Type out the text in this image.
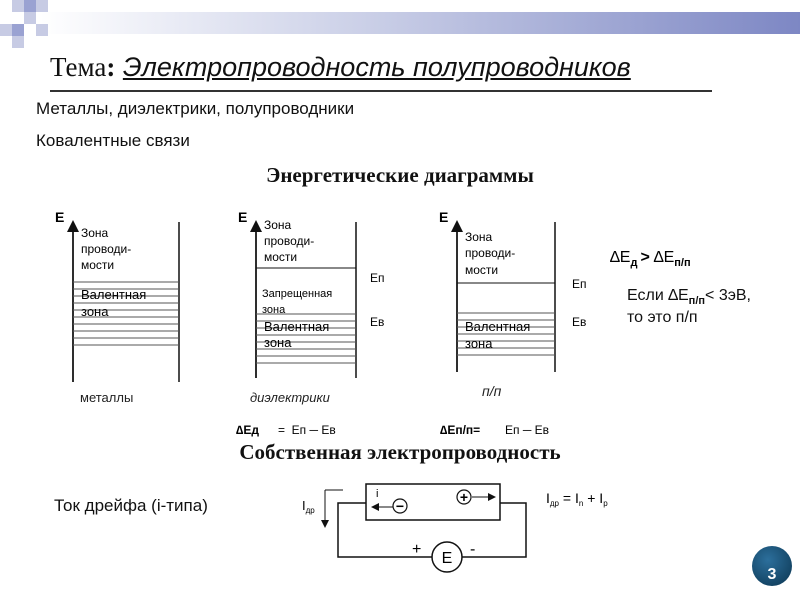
Тема: Электропроводность полупроводников
Металлы, диэлектрики, полупроводники
Ковалентные связи
Энергетические диаграммы
E
Зона
проводи-
мости
Валентная
зона
металлы
E Зона
проводи-
мости
Запрещенная
зона
Валентная
зона
Eп
Eв
диэлектрики
∆Eд =  Eп ─ Eв
E
Зона
проводи-
мости
Валентная
зона
Eп
Eв
п/п
∆Eп/п= Eп ─ Eв
$\Delta E_д > \Delta E_{п/п}$
$I_{др}$
i
−
+
E
+	-
$I_{др} = I_n + I_p$
Если $\Delta E_{п/п}< 3эВ$,
то это п/п
Собственная электропроводность
Ток дрейфа (i-типа)
3
